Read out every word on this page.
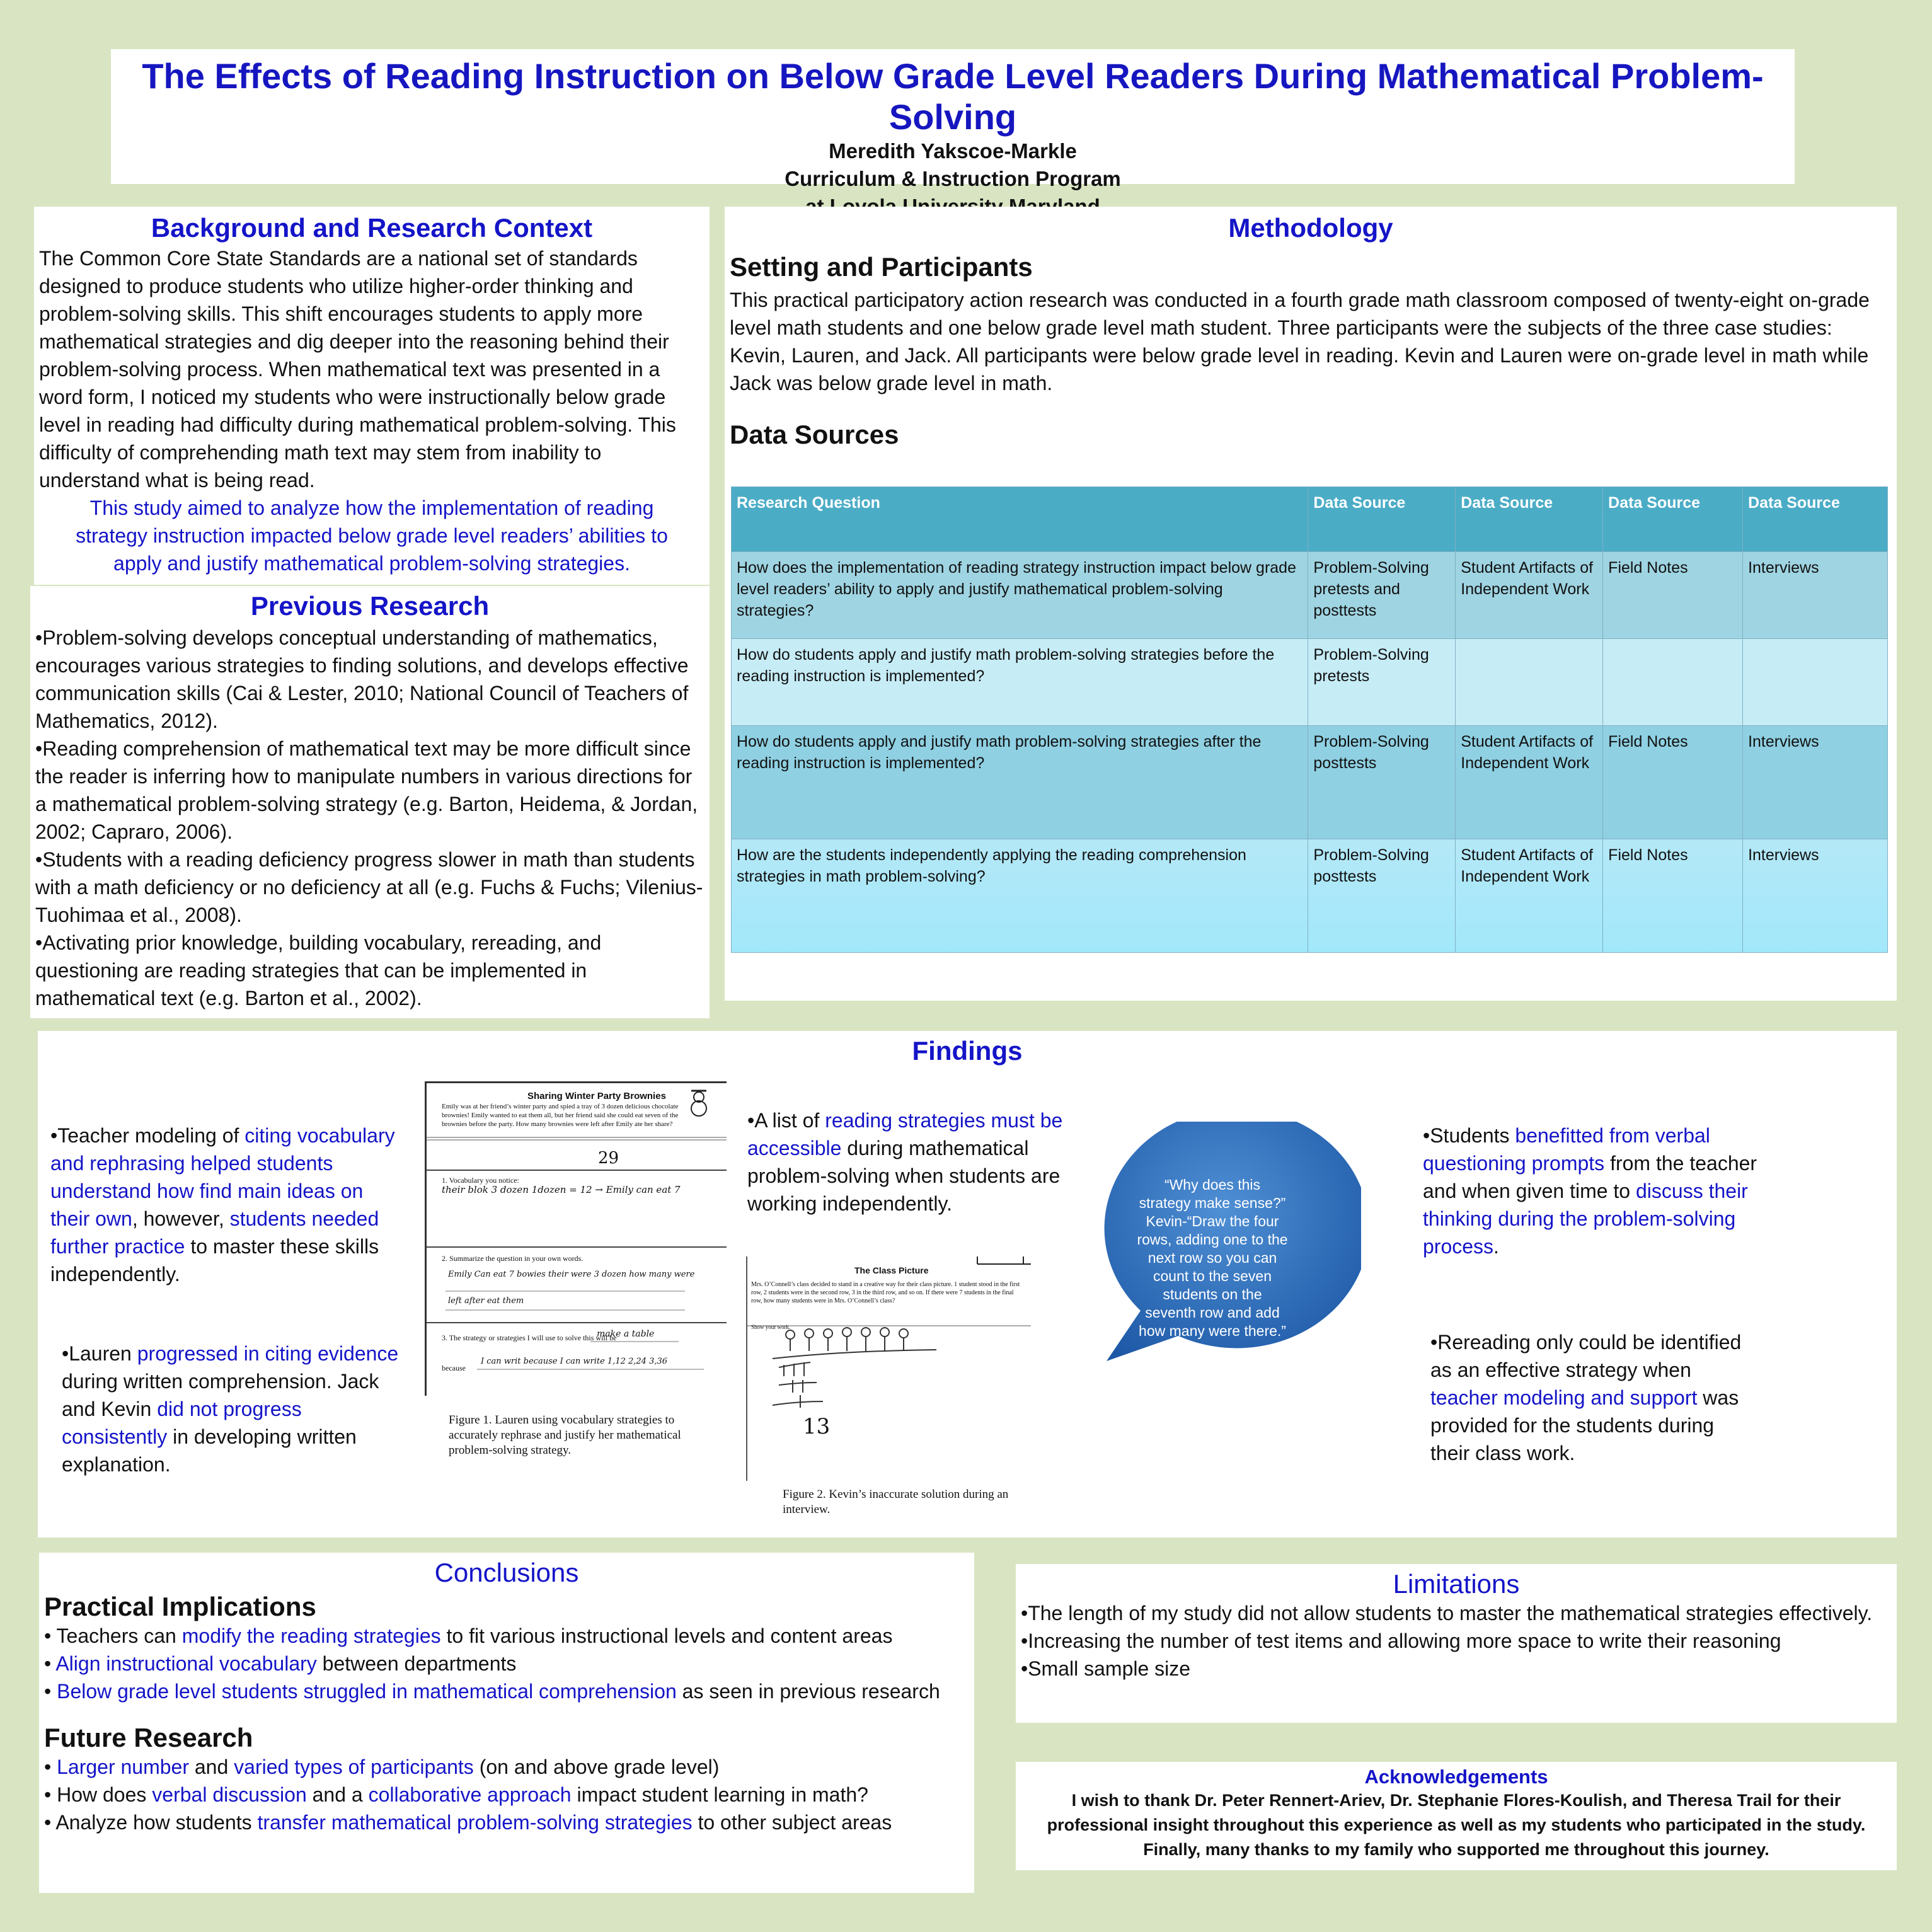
The Effects of Reading Instruction on Below Grade Level Readers During Mathematical Problem-Solving
Meredith Yakscoe-Markle
Curriculum & Instruction Program
Background and Research Context

The Common Core State Standards are a national set of standards designed to produce students who utilize higher-order thinking and problem-solving skills. This shift encourages students to apply more mathematical strategies and dig deeper into the reasoning behind their problem-solving process. When mathematical text was presented in a word form, I noticed my students who were instructionally below grade level in reading had difficulty during mathematical problem-solving. This difficulty of comprehending math text may stem from inability to understand what is being read.

This study aimed to analyze how the implementation of reading strategy instruction impacted below grade level readers’ abilities to apply and justify mathematical problem-solving strategies.

Previous Research

•Problem-solving develops conceptual understanding of mathematics, encourages various strategies to finding solutions, and develops effective communication skills (Cai & Lester, 2010; National Council of Teachers of Mathematics, 2012).

•Reading comprehension of mathematical text may be more difficult since the reader is inferring how to manipulate numbers in various directions for a mathematical problem-solving strategy (e.g. Barton, Heidema, & Jordan, 2002; Capraro, 2006).

•Students with a reading deficiency progress slower in math than students with a math deficiency or no deficiency at all (e.g. Fuchs & Fuchs; Vilenius-Tuohimaa et al., 2008).

•Activating prior knowledge, building vocabulary, rereading, and questioning are reading strategies that can be implemented in mathematical text (e.g. Barton et al., 2002).

Methodology
Setting and Participants

This practical participatory action research was conducted in a fourth grade math classroom composed of twenty-eight on-grade level math students and one below grade level math student. Three participants were the subjects of the three case studies: Kevin, Lauren, and Jack. All participants were below grade level in reading. Kevin and Lauren were on-grade level in math while Jack was below grade level in math.

Data Sources
Research Question	Data Source	Data Source	Data Source	Data Source
How does the implementation of reading strategy instruction impact below grade level readers’ ability to apply and justify mathematical problem-solving strategies?	Problem-Solving pretests and posttests	Student Artifacts of Independent Work	Field Notes	Interviews
How do students apply and justify math problem-solving strategies before the reading instruction is implemented?	Problem-Solving pretests			
How do students apply and justify math problem-solving strategies after the reading instruction is implemented?	Problem-Solving posttests	Student Artifacts of Independent Work	Field Notes	Interviews
How are the students independently applying the reading comprehension strategies in math problem-solving?	Problem-Solving posttests	Student Artifacts of Independent Work	Field Notes	Interviews
Findings

•Teacher modeling of citing vocabulary and rephrasing helped students understand how find main ideas on their own, however, students needed further practice to master these skills independently.

•Lauren progressed in citing evidence during written comprehension. Jack and Kevin did not progress consistently in developing written explanation.

Sharing Winter Party Brownies
Emily was at her friend’s winter party and spied a tray of 3 dozen delicious chocolate brownies! Emily wanted to eat them all, but her friend said she could eat seven of the brownies before the party. How many brownies were left after Emily ate her share?
29
1. Vocabulary you notice:
their blok 3 dozen 1dozen = 12 → Emily can eat 7
2. Summarize the question in your own words.
Emily Can eat 7 bowies their were 3 dozen how many were
left after eat them
3. The strategy or strategies I will use to solve this will be
make a table
because
I can writ because I can write 1,12 2,24 3,36
Figure 1. Lauren using vocabulary strategies to accurately rephrase and justify her mathematical problem-solving strategy.

•A list of reading strategies must be accessible during mathematical problem-solving when students are working independently.

The Class Picture
Mrs. O’Connell’s class decided to stand in a creative way for their class picture. 1 student stood in the first row, 2 students were in the second row, 3 in the third row, and so on. If there were 7 students in the final row, how many students were in Mrs. O’Connell’s class?
Show your work.
13
Figure 2. Kevin’s inaccurate solution during an interview.
“Why does this strategy make sense?” Kevin-“Draw the four rows, adding one to the next row so you can count to the seven students on the seventh row and add how many were there.”

•Students benefitted from verbal questioning prompts from the teacher and when given time to discuss their thinking during the problem-solving process.

•Rereading only could be identified as an effective strategy when teacher modeling and support was provided for the students during their class work.

Conclusions
Practical Implications

• Teachers can modify the reading strategies to fit various instructional levels and content areas

• Align instructional vocabulary between departments

• Below grade level students struggled in mathematical comprehension as seen in previous research

Future Research

• Larger number and varied types of participants (on and above grade level)

• How does verbal discussion and a collaborative approach impact student learning in math?

• Analyze how students transfer mathematical problem-solving strategies to other subject areas

Limitations

•The length of my study did not allow students to master the mathematical strategies effectively.

•Increasing the number of test items and allowing more space to write their reasoning

•Small sample size

Acknowledgements

I wish to thank Dr. Peter Rennert-Ariev, Dr. Stephanie Flores-Koulish, and Theresa Trail for their professional insight throughout this experience as well as my students who participated in the study. Finally, many thanks to my family who supported me throughout this journey.
